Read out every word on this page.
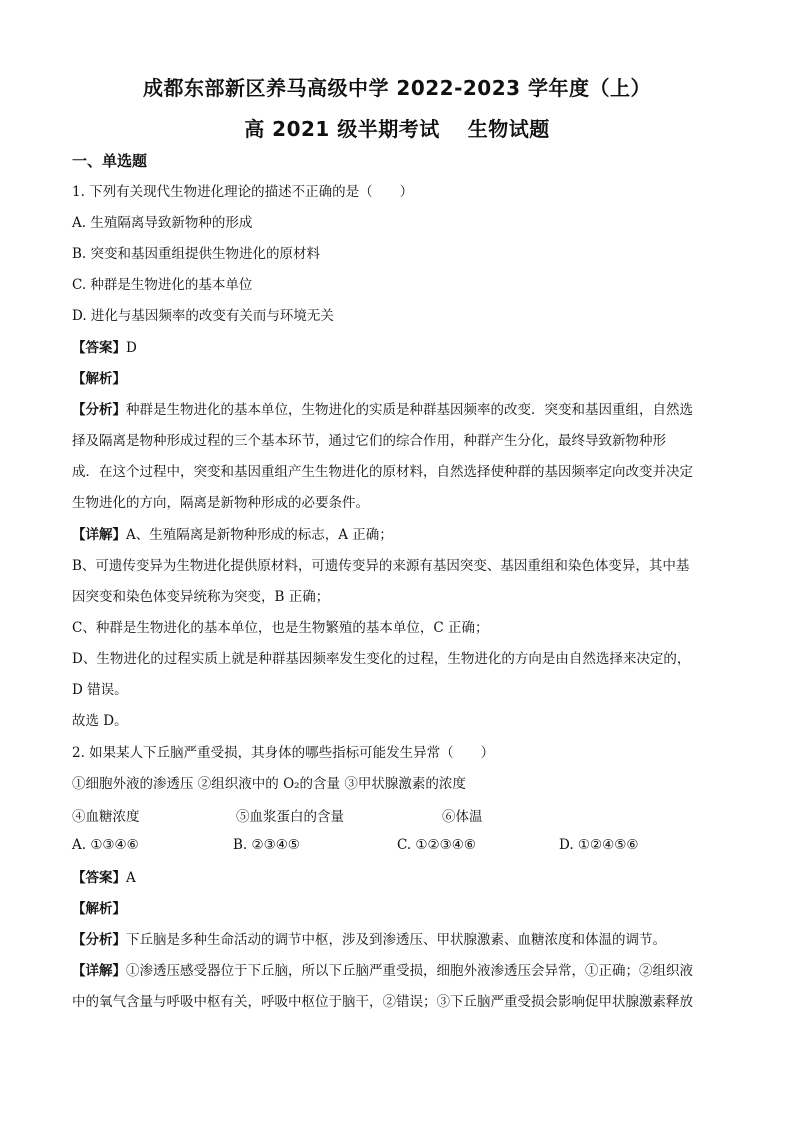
成都东部新区养马高级中学 2022-2023 学年度（上）
高 2021 级半期考试　 生物试题
一、单选题
1. 下列有关现代生物进化理论的描述不正确的是（　　）
A. 生殖隔离导致新物种的形成
B. 突变和基因重组提供生物进化的原材料
C. 种群是生物进化的基本单位
D. 进化与基因频率的改变有关而与环境无关
【答案】D
【解析】
【分析】种群是生物进化的基本单位，生物进化的实质是种群基因频率的改变．突变和基因重组，自然选
择及隔离是物种形成过程的三个基本环节，通过它们的综合作用，种群产生分化，最终导致新物种形
成．在这个过程中，突变和基因重组产生生物进化的原材料，自然选择使种群的基因频率定向改变并决定
生物进化的方向，隔离是新物种形成的必要条件。
【详解】A、生殖隔离是新物种形成的标志，A 正确；
B、可遗传变异为生物进化提供原材料，可遗传变异的来源有基因突变、基因重组和染色体变异，其中基
因突变和染色体变异统称为突变，B 正确；
C、种群是生物进化的基本单位，也是生物繁殖的基本单位，C 正确；
D、生物进化的过程实质上就是种群基因频率发生变化的过程，生物进化的方向是由自然选择来决定的，
D 错误。
故选 D。
2. 如果某人下丘脑严重受损，其身体的哪些指标可能发生异常（　　）
①细胞外液的渗透压 ②组织液中的 O₂的含量 ③甲状腺激素的浓度
④血糖浓度	⑤血浆蛋白的含量	⑥体温
A. ①③④⑥	B. ②③④⑤	C. ①②③④⑥	D. ①②④⑤⑥
【答案】A
【解析】
【分析】下丘脑是多种生命活动的调节中枢，涉及到渗透压、甲状腺激素、血糖浓度和体温的调节。
【详解】①渗透压感受器位于下丘脑，所以下丘脑严重受损，细胞外液渗透压会异常，①正确；②组织液
中的氧气含量与呼吸中枢有关，呼吸中枢位于脑干，②错误；③下丘脑严重受损会影响促甲状腺激素释放
